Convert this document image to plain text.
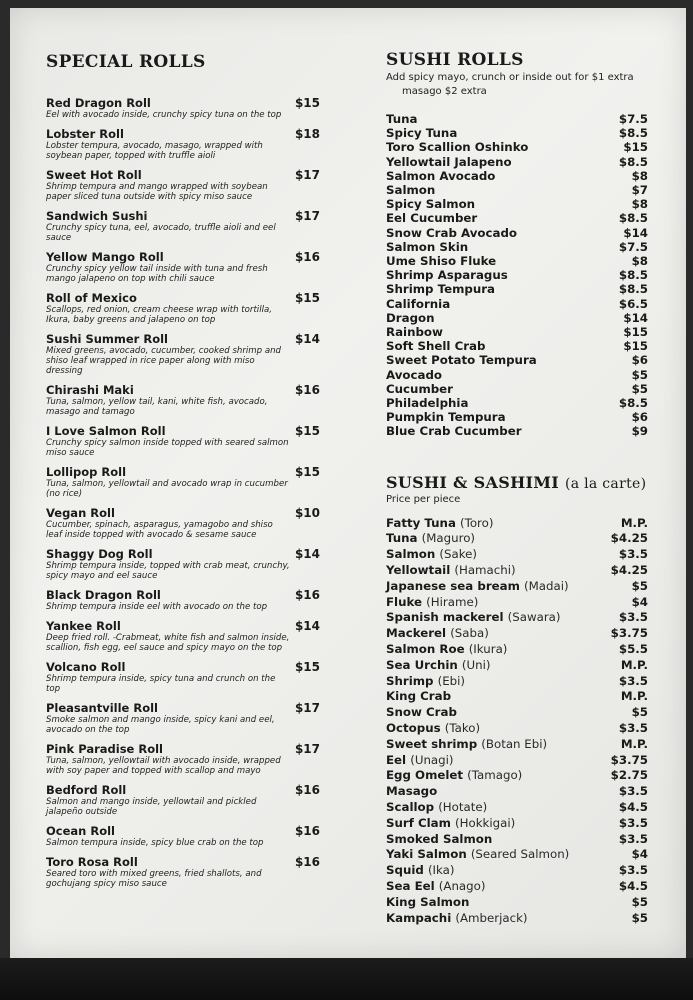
SPECIAL ROLLS
Red Dragon Roll	$15
Eel with avocado inside, crunchy spicy tuna on the top
Lobster Roll	$18
Lobster tempura, avocado, masago, wrapped with soybean paper, topped with truffle aioli
Sweet Hot Roll	$17
Shrimp tempura and mango wrapped with soybean paper sliced tuna outside with spicy miso sauce
Sandwich Sushi	$17
Crunchy spicy tuna, eel, avocado, truffle aioli and eel sauce
Yellow Mango Roll	$16
Crunchy spicy yellow tail inside with tuna and fresh mango jalapeno on top with chili sauce
Roll of Mexico	$15
Scallops, red onion, cream cheese wrap with tortilla, Ikura, baby greens and jalapeno on top
Sushi Summer Roll	$14
Mixed greens, avocado, cucumber, cooked shrimp and shiso leaf wrapped in rice paper along with miso dressing
Chirashi Maki	$16
Tuna, salmon, yellow tail, kani, white fish, avocado, masago and tamago
I Love Salmon Roll	$15
Crunchy spicy salmon inside topped with seared salmon miso sauce
Lollipop Roll	$15
Tuna, salmon, yellowtail and avocado wrap in cucumber (no rice)
Vegan Roll	$10
Cucumber, spinach, asparagus, yamagobo and shiso leaf inside topped with avocado & sesame sauce
Shaggy Dog Roll	$14
Shrimp tempura inside, topped with crab meat, crunchy, spicy mayo and eel sauce
Black Dragon Roll	$16
Shrimp tempura inside eel with avocado on the top
Yankee Roll	$14
Deep fried roll. -Crabmeat, white fish and salmon inside, scallion, fish egg, eel sauce and spicy mayo on the top
Volcano Roll	$15
Shrimp tempura inside, spicy tuna and crunch on the top
Pleasantville Roll	$17
Smoke salmon and mango inside, spicy kani and eel, avocado on the top
Pink Paradise Roll	$17
Tuna, salmon, yellowtail with avocado inside, wrapped with soy paper and topped with scallop and mayo
Bedford Roll	$16
Salmon and mango inside, yellowtail and pickled jalapeño outside
Ocean Roll	$16
Salmon tempura inside, spicy blue crab on the top
Toro Rosa Roll	$16
Seared toro with mixed greens, fried shallots, and gochujang spicy miso sauce
SUSHI ROLLS
Add spicy mayo, crunch or inside out for $1 extra
masago $2 extra
Tuna	$7.5
Spicy Tuna	$8.5
Toro Scallion Oshinko	$15
Yellowtail Jalapeno	$8.5
Salmon Avocado	$8
Salmon	$7
Spicy Salmon	$8
Eel Cucumber	$8.5
Snow Crab Avocado	$14
Salmon Skin	$7.5
Ume Shiso Fluke	$8
Shrimp Asparagus	$8.5
Shrimp Tempura	$8.5
California	$6.5
Dragon	$14
Rainbow	$15
Soft Shell Crab	$15
Sweet Potato Tempura	$6
Avocado	$5
Cucumber	$5
Philadelphia	$8.5
Pumpkin Tempura	$6
Blue Crab Cucumber	$9
SUSHI & SASHIMI (a la carte)
Price per piece
Fatty Tuna (Toro)	M.P.
Tuna (Maguro)	$4.25
Salmon (Sake)	$3.5
Yellowtail (Hamachi)	$4.25
Japanese sea bream (Madai)	$5
Fluke (Hirame)	$4
Spanish mackerel (Sawara)	$3.5
Mackerel (Saba)	$3.75
Salmon Roe (Ikura)	$5.5
Sea Urchin (Uni)	M.P.
Shrimp (Ebi)	$3.5
King Crab	M.P.
Snow Crab	$5
Octopus (Tako)	$3.5
Sweet shrimp (Botan Ebi)	M.P.
Eel (Unagi)	$3.75
Egg Omelet (Tamago)	$2.75
Masago	$3.5
Scallop (Hotate)	$4.5
Surf Clam (Hokkigai)	$3.5
Smoked Salmon	$3.5
Yaki Salmon (Seared Salmon)	$4
Squid (Ika)	$3.5
Sea Eel (Anago)	$4.5
King Salmon	$5
Kampachi (Amberjack)	$5
